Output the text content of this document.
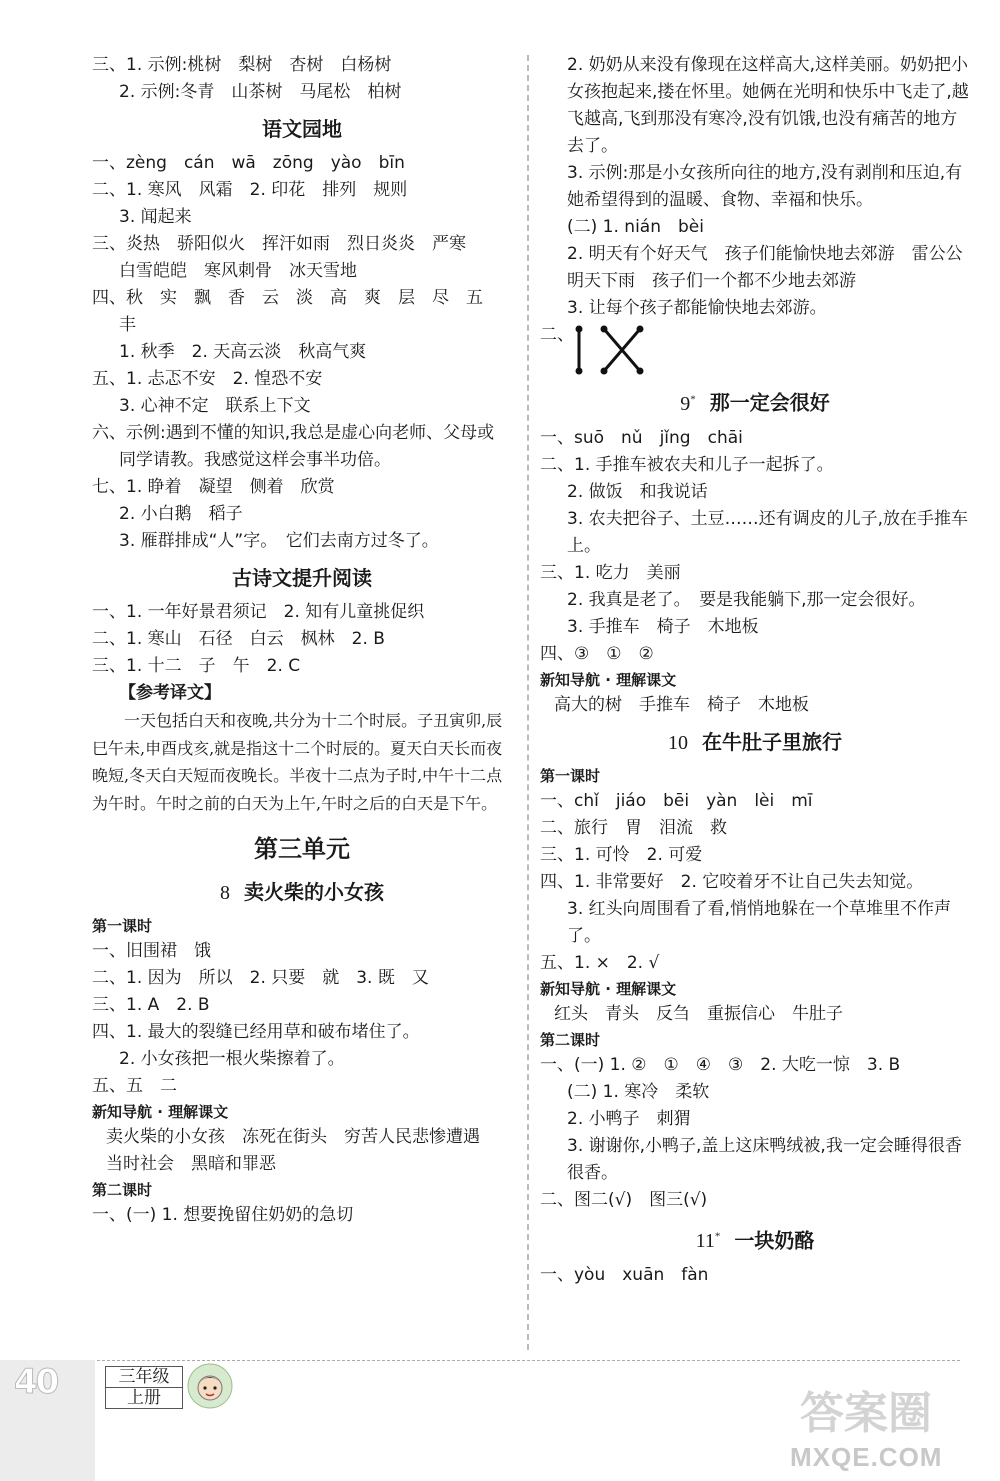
三、1. 示例:桃树　梨树　杏树　白杨树
2. 示例:冬青　山茶树　马尾松　柏树
语文园地
一、zèng　cán　wā　zōng　yào　bīn
二、1. 寒风　风霜　2. 印花　排列　规则
3. 闻起来
三、炎热　骄阳似火　挥汗如雨　烈日炎炎　严寒
白雪皑皑　寒风刺骨　冰天雪地
四、秋　实　飘　香　云　淡　高　爽　层　尽　五
丰
1. 秋季　2. 天高云淡　秋高气爽
五、1. 忐忑不安　2. 惶恐不安
3. 心神不定　联系上下文
六、示例:遇到不懂的知识,我总是虚心向老师、父母或
同学请教。我感觉这样会事半功倍。
七、1. 睁着　凝望　侧着　欣赏
2. 小白鹅　稻子
3. 雁群排成“人”字。　它们去南方过冬了。
古诗文提升阅读
一、1. 一年好景君须记　2. 知有儿童挑促织
二、1. 寒山　石径　白云　枫林　2. B
三、1. 十二　子　午　2. C
【参考译文】
一天包括白天和夜晚,共分为十二个时辰。子丑寅卯,辰巳午未,申酉戌亥,就是指这十二个时辰的。夏天白天长而夜晚短,冬天白天短而夜晚长。半夜十二点为子时,中午十二点为午时。午时之前的白天为上午,午时之后的白天是下午。
第三单元
8 卖火柴的小女孩
第一课时
一、旧围裙　饿
二、1. 因为　所以　2. 只要　就　3. 既　又
三、1. A　2. B
四、1. 最大的裂缝已经用草和破布堵住了。
2. 小女孩把一根火柴擦着了。
五、五　二
新知导航 · 理解课文
卖火柴的小女孩　冻死在街头　穷苦人民悲惨遭遇
当时社会　黑暗和罪恶
第二课时
一、(一) 1. 想要挽留住奶奶的急切
2. 奶奶从来没有像现在这样高大,这样美丽。奶奶把小女孩抱起来,搂在怀里。她俩在光明和快乐中飞走了,越飞越高,飞到那没有寒冷,没有饥饿,也没有痛苦的地方去了。
3. 示例:那是小女孩所向往的地方,没有剥削和压迫,有她希望得到的温暖、食物、幸福和快乐。
(二) 1. nián　bèi
2. 明天有个好天气　孩子们能愉快地去郊游　雷公公　明天下雨　孩子们一个都不少地去郊游
3. 让每个孩子都能愉快地去郊游。
二、
9* 那一定会很好
一、suō　nǔ　jǐng　chāi
二、1. 手推车被农夫和儿子一起拆了。
2. 做饭　和我说话
3. 农夫把谷子、土豆……还有调皮的儿子,放在手推车上。
三、1. 吃力　美丽
2. 我真是老了。　要是我能躺下,那一定会很好。
3. 手推车　椅子　木地板
四、③　①　②
新知导航 · 理解课文
高大的树　手推车　椅子　木地板
10 在牛肚子里旅行
第一课时
一、chǐ　jiáo　bēi　yàn　lèi　mī
二、旅行　胃　泪流　救
三、1. 可怜　2. 可爱
四、1. 非常要好　2. 它咬着牙不让自己失去知觉。
3. 红头向周围看了看,悄悄地躲在一个草堆里不作声了。
五、1. ×　2. √
新知导航 · 理解课文
红头　青头　反刍　重振信心　牛肚子
第二课时
一、(一) 1. ②　①　④　③　2. 大吃一惊　3. B
(二) 1. 寒冷　柔软
2. 小鸭子　刺猬
3. 谢谢你,小鸭子,盖上这床鸭绒被,我一定会睡得很香很香。
二、图二(√)　图三(√)
11* 一块奶酪
一、yòu　xuān　fàn
40	三年级
上册	答案圈
MXQE.COM
